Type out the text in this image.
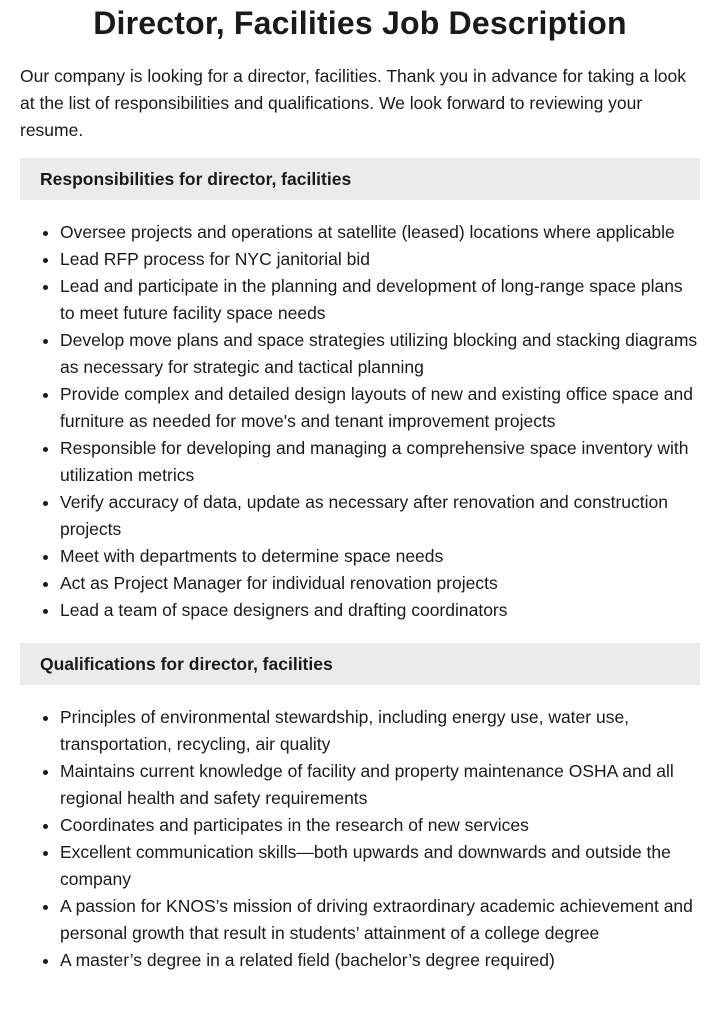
Director, Facilities Job Description

Our company is looking for a director, facilities. Thank you in advance for taking a look at the list of responsibilities and qualifications. We look forward to reviewing your resume.

Responsibilities for director, facilities
• Oversee projects and operations at satellite (leased) locations where applicable
• Lead RFP process for NYC janitorial bid
• Lead and participate in the planning and development of long-range space plans to meet future facility space needs
• Develop move plans and space strategies utilizing blocking and stacking diagrams as necessary for strategic and tactical planning
• Provide complex and detailed design layouts of new and existing office space and furniture as needed for move's and tenant improvement projects
• Responsible for developing and managing a comprehensive space inventory with utilization metrics
• Verify accuracy of data, update as necessary after renovation and construction projects
• Meet with departments to determine space needs
• Act as Project Manager for individual renovation projects
• Lead a team of space designers and drafting coordinators
Qualifications for director, facilities
• Principles of environmental stewardship, including energy use, water use, transportation, recycling, air quality
• Maintains current knowledge of facility and property maintenance OSHA and all regional health and safety requirements
• Coordinates and participates in the research of new services
• Excellent communication skills—both upwards and downwards and outside the company
• A passion for KNOS’s mission of driving extraordinary academic achievement and personal growth that result in students’ attainment of a college degree
• A master’s degree in a related field (bachelor’s degree required)
